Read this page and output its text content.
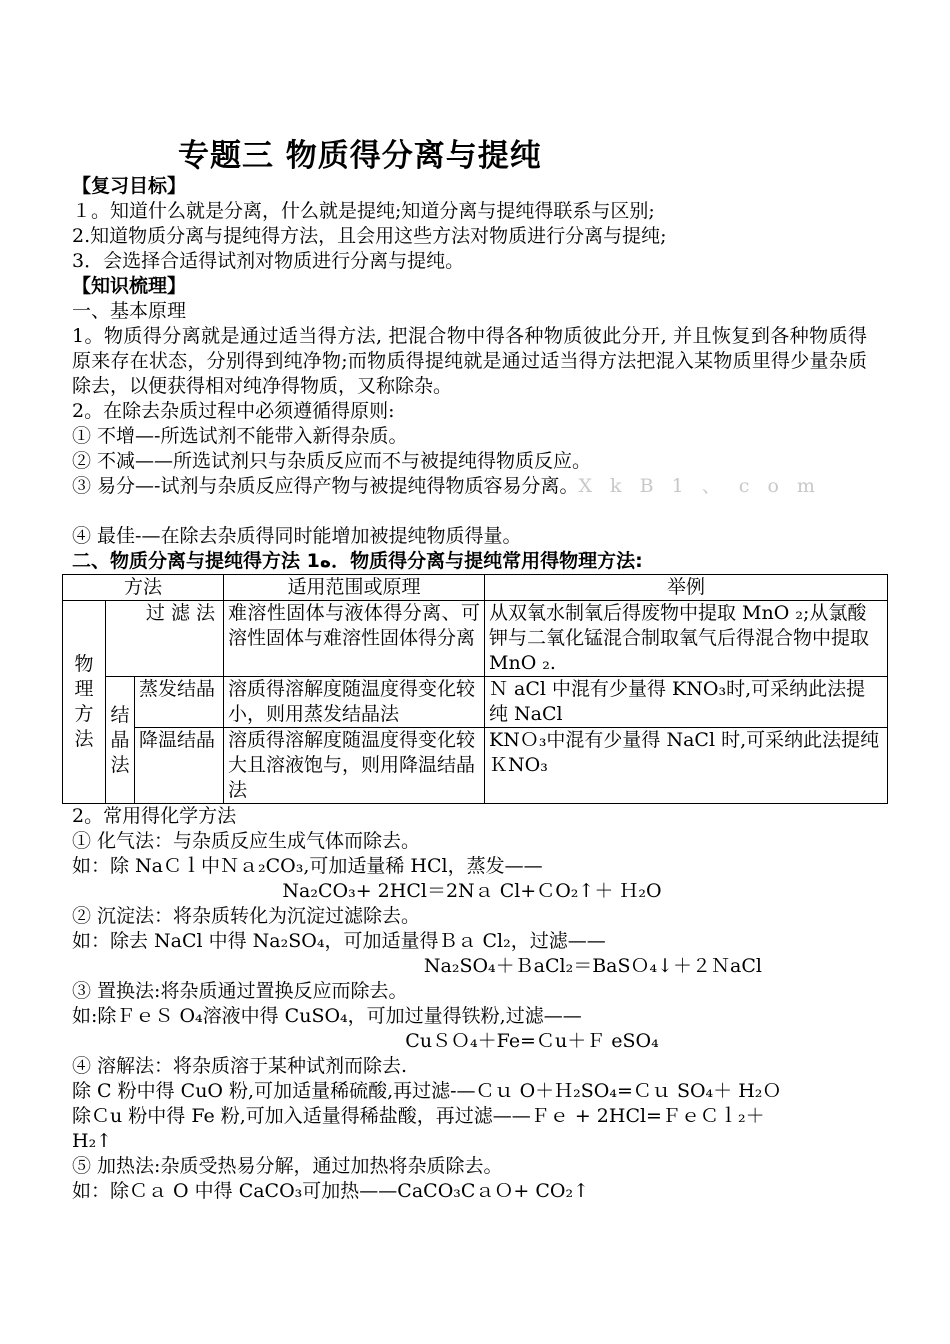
专题三 物质得分离与提纯
【复习目标】
１。知道什么就是分离，什么就是提纯;知道分离与提纯得联系与区别;
2.知道物质分离与提纯得方法，且会用这些方法对物质进行分离与提纯;
3．会选择合适得试剂对物质进行分离与提纯。
【知识梳理】
一、基本原理
1。物质得分离就是通过适当得方法, 把混合物中得各种物质彼此分开, 并且恢复到各种物质得原来存在状态，分别得到纯净物;而物质得提纯就是通过适当得方法把混入某物质里得少量杂质除去，以便获得相对纯净得物质，又称除杂。
2。在除去杂质过程中必须遵循得原则:
① 不增—-所选试剂不能带入新得杂质。
② 不减——所选试剂只与杂质反应而不与被提纯得物质反应。
③ 易分—-试剂与杂质反应得产物与被提纯得物质容易分离。X k B 1 、 c o m
④ 最佳-—在除去杂质得同时能增加被提纯物质得量。
二、物质分离与提纯得方法 1ﻩ．物质得分离与提纯常用得物理方法:
方法			适用范围或原理	举例
物理方法	过 滤 法		难溶性固体与液体得分离、可溶性固体与难溶性固体得分离	从双氧水制氧后得废物中提取 MnO ₂;从氯酸钾与二氧化锰混合制取氧气后得混合物中提取 MnO ₂.
	结晶法	蒸发结晶	溶质得溶解度随温度得变化较小，则用蒸发结晶法	Ｎ aCl 中混有少量得 KNO₃时,可采纳此法提纯 NaCl
		降温结晶	溶质得溶解度随温度得变化较大且溶液饱与，则用降温结晶法	KNＯ₃中混有少量得 NaCl 时,可采纳此法提纯ＫNO₃
2。常用得化学方法
① 化气法：与杂质反应生成气体而除去。
如：除 NaＣｌ中Ｎａ₂CO₃,可加适量稀 HCl，蒸发——
Na₂CO₃+ 2HCl＝2Nａ Cl+ＣO₂↑＋ Ｈ₂O
② 沉淀法：将杂质转化为沉淀过滤除去。
如：除去 NaCl 中得 Na₂SO₄，可加适量得Ｂａ Cl₂，过滤——
Na₂SO₄＋ＢaCl₂＝BaSＯ₄↓＋２ＮaCl
③ 置换法:将杂质通过置换反应而除去。
如:除ＦｅＳ O₄溶液中得 CuSO₄，可加过量得铁粉,过滤——
CuＳＯ₄＋Fe=Ｃu＋Ｆ eSO₄
④ 溶解法：将杂质溶于某种试剂而除去.
除 C 粉中得 CuO 粉,可加适量稀硫酸,再过滤-—Ｃｕ O＋Ｈ₂SO₄=Ｃｕ SO₄＋ H₂Ｏ
除Ｃu 粉中得 Fe 粉,可加入适量得稀盐酸，再过滤——Ｆｅ + 2HCl=ＦｅＣｌ₂＋
H₂↑
⑤ 加热法:杂质受热易分解，通过加热将杂质除去。
如：除Ｃａ O 中得 CaCO₃可加热——CaCO₃CａＯ+ CO₂↑
